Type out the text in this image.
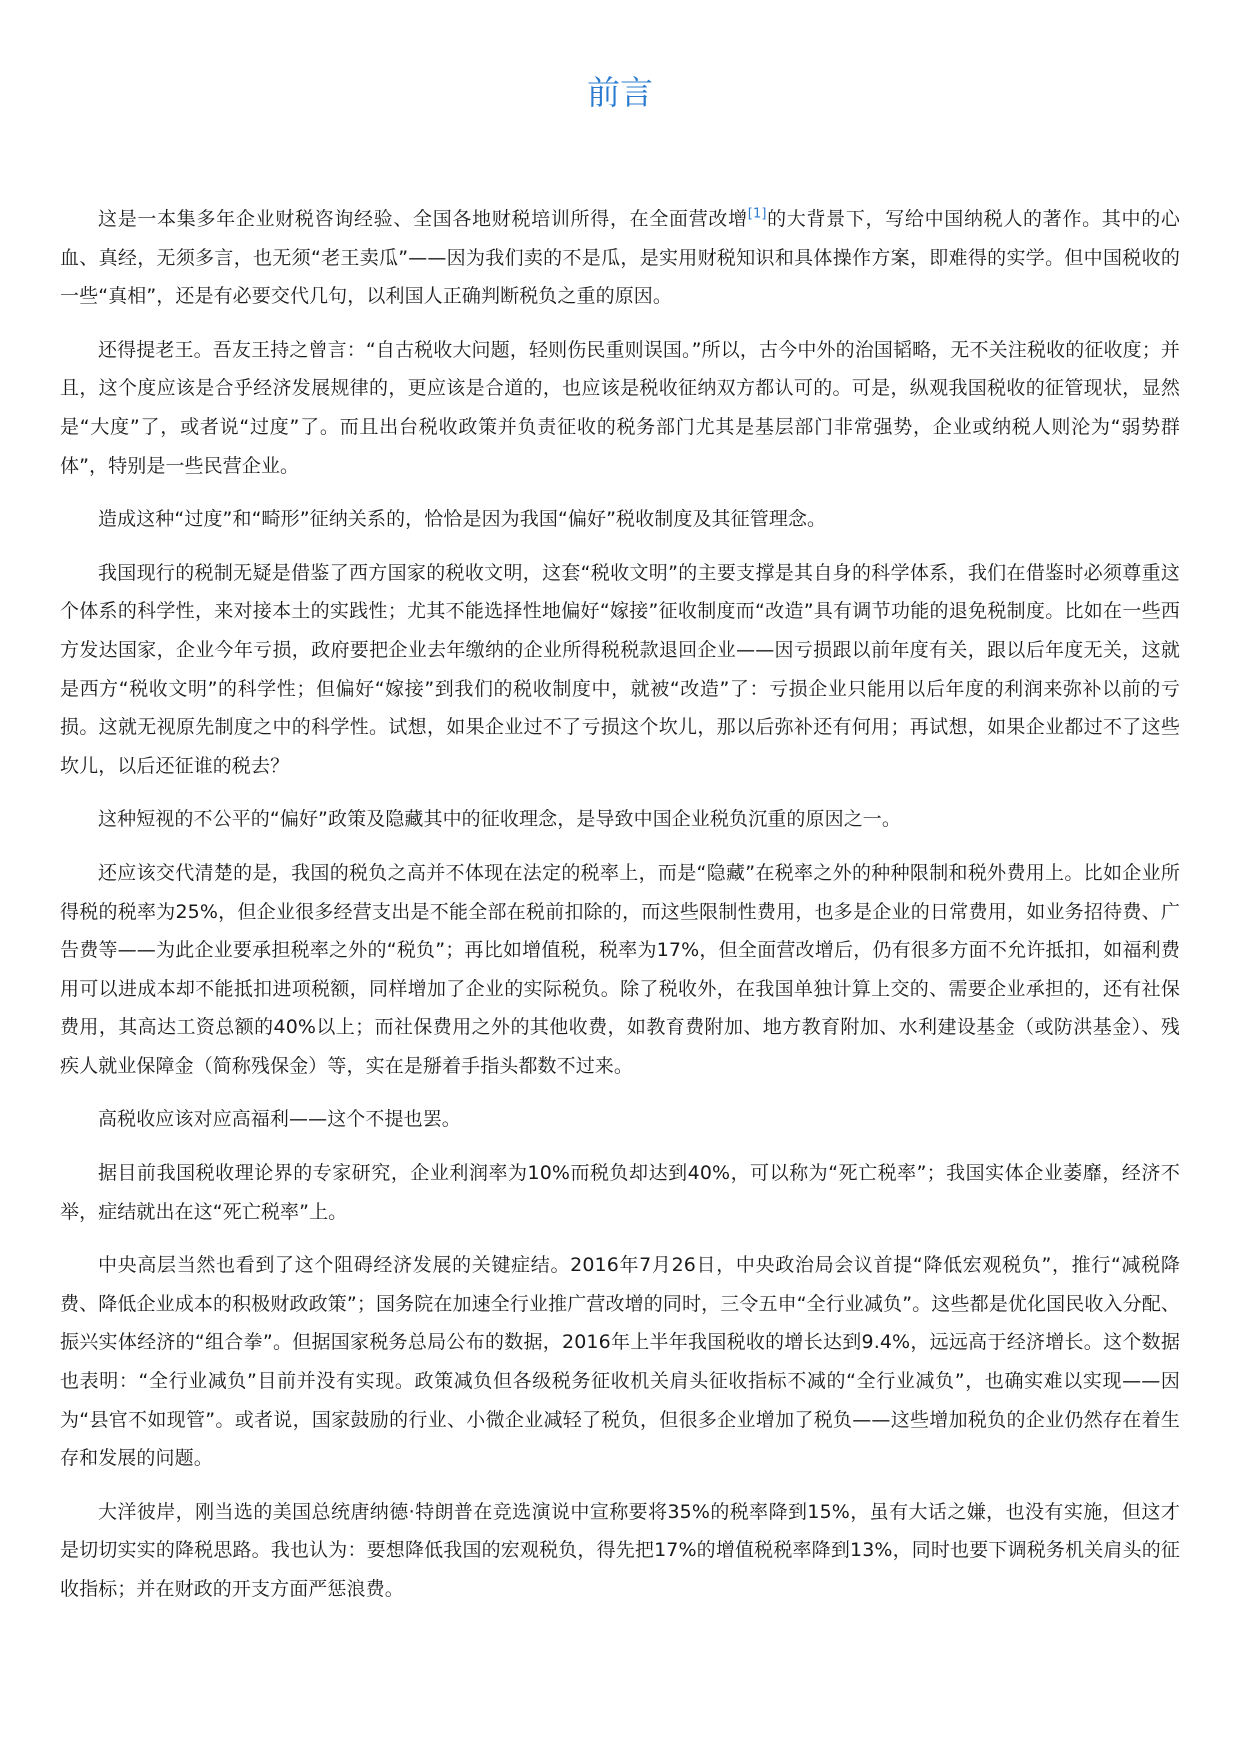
前言

这是一本集多年企业财税咨询经验、全国各地财税培训所得，在全面营改增[1]的大背景下，写给中国纳税人的著作。其中的心血、真经，无须多言，也无须“老王卖瓜”——因为我们卖的不是瓜，是实用财税知识和具体操作方案，即难得的实学。但中国税收的一些“真相”，还是有必要交代几句，以利国人正确判断税负之重的原因。

还得提老王。吾友王持之曾言：“自古税收大问题，轻则伤民重则误国。”所以，古今中外的治国韬略，无不关注税收的征收度；并且，这个度应该是合乎经济发展规律的，更应该是合道的，也应该是税收征纳双方都认可的。可是，纵观我国税收的征管现状，显然是“大度”了，或者说“过度”了。而且出台税收政策并负责征收的税务部门尤其是基层部门非常强势，企业或纳税人则沦为“弱势群体”，特别是一些民营企业。

造成这种“过度”和“畸形”征纳关系的，恰恰是因为我国“偏好”税收制度及其征管理念。

我国现行的税制无疑是借鉴了西方国家的税收文明，这套“税收文明”的主要支撑是其自身的科学体系，我们在借鉴时必须尊重这个体系的科学性，来对接本土的实践性；尤其不能选择性地偏好“嫁接”征收制度而“改造”具有调节功能的退免税制度。比如在一些西方发达国家，企业今年亏损，政府要把企业去年缴纳的企业所得税税款退回企业——因亏损跟以前年度有关，跟以后年度无关，这就是西方“税收文明”的科学性；但偏好“嫁接”到我们的税收制度中，就被“改造”了：亏损企业只能用以后年度的利润来弥补以前的亏损。这就无视原先制度之中的科学性。试想，如果企业过不了亏损这个坎儿，那以后弥补还有何用；再试想，如果企业都过不了这些坎儿，以后还征谁的税去？

这种短视的不公平的“偏好”政策及隐藏其中的征收理念，是导致中国企业税负沉重的原因之一。

还应该交代清楚的是，我国的税负之高并不体现在法定的税率上，而是“隐藏”在税率之外的种种限制和税外费用上。比如企业所得税的税率为25%，但企业很多经营支出是不能全部在税前扣除的，而这些限制性费用，也多是企业的日常费用，如业务招待费、广告费等——为此企业要承担税率之外的“税负”；再比如增值税，税率为17%，但全面营改增后，仍有很多方面不允许抵扣，如福利费用可以进成本却不能抵扣进项税额，同样增加了企业的实际税负。除了税收外，在我国单独计算上交的、需要企业承担的，还有社保费用，其高达工资总额的40%以上；而社保费用之外的其他收费，如教育费附加、地方教育附加、水利建设基金（或防洪基金）、残疾人就业保障金（简称残保金）等，实在是掰着手指头都数不过来。

高税收应该对应高福利——这个不提也罢。

据目前我国税收理论界的专家研究，企业利润率为10%而税负却达到40%，可以称为“死亡税率”；我国实体企业萎靡，经济不举，症结就出在这“死亡税率”上。

中央高层当然也看到了这个阻碍经济发展的关键症结。2016年7月26日，中央政治局会议首提“降低宏观税负”，推行“减税降费、降低企业成本的积极财政政策”；国务院在加速全行业推广营改增的同时，三令五申“全行业减负”。这些都是优化国民收入分配、振兴实体经济的“组合拳”。但据国家税务总局公布的数据，2016年上半年我国税收的增长达到9.4%，远远高于经济增长。这个数据也表明：“全行业减负”目前并没有实现。政策减负但各级税务征收机关肩头征收指标不减的“全行业减负”，也确实难以实现——因为“县官不如现管”。或者说，国家鼓励的行业、小微企业减轻了税负，但很多企业增加了税负——这些增加税负的企业仍然存在着生存和发展的问题。

大洋彼岸，刚当选的美国总统唐纳德·特朗普在竞选演说中宣称要将35%的税率降到15%，虽有大话之嫌，也没有实施，但这才是切切实实的降税思路。我也认为：要想降低我国的宏观税负，得先把17%的增值税税率降到13%，同时也要下调税务机关肩头的征收指标；并在财政的开支方面严惩浪费。
